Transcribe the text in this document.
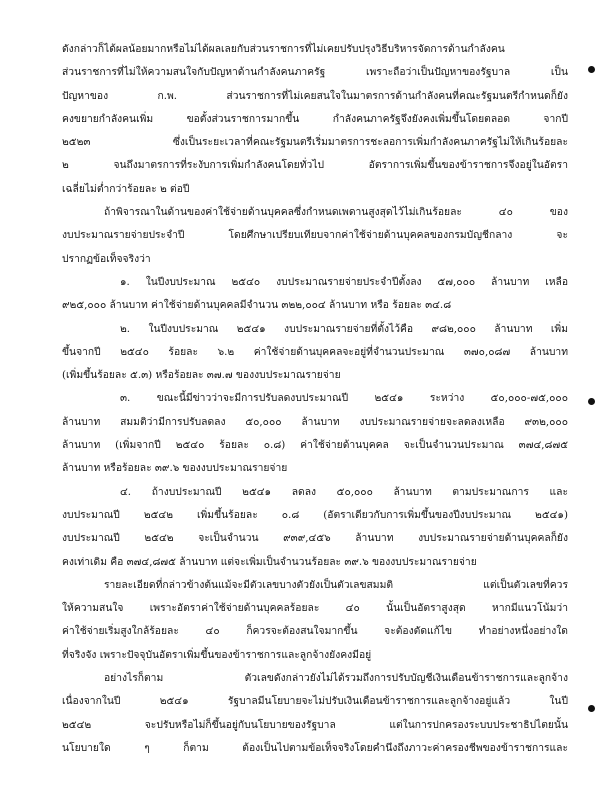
ดังกล่าวก็ได้ผลน้อยมากหรือไม่ได้ผลเลยกับส่วนราชการที่ไม่เคยปรับปรุงวิธีบริหารจัดการด้านกำลังคน
ส่วนราชการที่ไม่ให้ความสนใจกับปัญหาด้านกำลังคนภาครัฐ เพราะถือว่าเป็นปัญหาของรัฐบาล เป็น
ปัญหาของ ก.พ. ส่วนราชการที่ไม่เคยสนใจในมาตรการด้านกำลังคนที่คณะรัฐมนตรีกำหนดก็ยัง
คงขยายกำลังคนเพิ่ม ขอตั้งส่วนราชการมากขึ้น กำลังคนภาครัฐจึงยังคงเพิ่มขึ้นโดยตลอด จากปี
๒๕๒๓ ซึ่งเป็นระยะเวลาที่คณะรัฐมนตรีเริ่มมาตรการชะลอการเพิ่มกำลังคนภาครัฐไม่ให้เกินร้อยละ
๒ จนถึงมาตรการที่ระงับการเพิ่มกำลังคนโดยทั่วไป อัตราการเพิ่มขึ้นของข้าราชการจึงอยู่ในอัตรา
เฉลี่ยไม่ต่ำกว่าร้อยละ ๒ ต่อปี
ถ้าพิจารณาในด้านของค่าใช้จ่ายด้านบุคคลซึ่งกำหนดเพดานสูงสุดไว้ไม่เกินร้อยละ ๔๐ ของ
งบประมาณรายจ่ายประจำปี โดยศึกษาเปรียบเทียบจากค่าใช้จ่ายด้านบุคคลของกรมบัญชีกลาง จะ
ปรากฏข้อเท็จจริงว่า
๑. ในปีงบประมาณ ๒๕๔๐ งบประมาณรายจ่ายประจำปีตั้งลง ๕๗,๐๐๐ ล้านบาท เหลือ
๙๒๕,๐๐๐ ล้านบาท ค่าใช้จ่ายด้านบุคคลมีจำนวน ๓๒๒,๐๐๔ ล้านบาท หรือ ร้อยละ ๓๔.๘
๒. ในปีงบประมาณ ๒๕๔๑ งบประมาณรายจ่ายที่ตั้งไว้คือ ๙๘๒,๐๐๐ ล้านบาท เพิ่ม
ขึ้นจากปี ๒๕๔๐ ร้อยละ ๖.๒ ค่าใช้จ่ายด้านบุคคลจะอยู่ที่จำนวนประมาณ ๓๗๐,๐๘๗ ล้านบาท
(เพิ่มขึ้นร้อยละ ๕.๓) หรือร้อยละ ๓๗.๗ ของงบประมาณรายจ่าย
๓. ขณะนี้มีข่าวว่าจะมีการปรับลดงบประมาณปี ๒๕๔๑ ระหว่าง ๕๐,๐๐๐-๗๕,๐๐๐
ล้านบาท สมมติว่ามีการปรับลดลง ๕๐,๐๐๐ ล้านบาท งบประมาณรายจ่ายจะลดลงเหลือ ๙๓๒,๐๐๐
ล้านบาท (เพิ่มจากปี ๒๕๔๐ ร้อยละ ๐.๘) ค่าใช้จ่ายด้านบุคคล จะเป็นจำนวนประมาณ ๓๗๔,๘๗๕
ล้านบาท หรือร้อยละ ๓๙.๖ ของงบประมาณรายจ่าย
๔. ถ้างบประมาณปี ๒๕๔๑ ลดลง ๕๐,๐๐๐ ล้านบาท ตามประมาณการ และ
งบประมาณปี ๒๕๔๒ เพิ่มขึ้นร้อยละ ๐.๘ (อัตราเดียวกับการเพิ่มขึ้นของปีงบประมาณ ๒๕๔๑)
งบประมาณปี ๒๕๔๒ จะเป็นจำนวน ๙๓๙,๔๕๖ ล้านบาท งบประมาณรายจ่ายด้านบุคคลก็ยัง
คงเท่าเดิม คือ ๓๗๔,๘๗๕ ล้านบาท แต่จะเพิ่มเป็นจำนวนร้อยละ ๓๙.๖ ของงบประมาณรายจ่าย
รายละเอียดที่กล่าวข้างต้นแม้จะมีตัวเลขบางตัวยังเป็นตัวเลขสมมติ แต่เป็นตัวเลขที่ควร
ให้ความสนใจ เพราะอัตราค่าใช้จ่ายด้านบุคคลร้อยละ ๔๐ นั้นเป็นอัตราสูงสุด หากมีแนวโน้มว่า
ค่าใช้จ่ายเริ่มสูงใกล้ร้อยละ ๔๐ ก็ควรจะต้องสนใจมากขึ้น จะต้องตัดแก้ไข ทำอย่างหนึ่งอย่างใด
ที่จริงจัง เพราะปัจจุบันอัตราเพิ่มขึ้นของข้าราชการและลูกจ้างยังคงมีอยู่
อย่างไรก็ตาม ตัวเลขดังกล่าวยังไม่ได้รวมถึงการปรับบัญชีเงินเดือนข้าราชการและลูกจ้าง
เนื่องจากในปี ๒๕๔๑ รัฐบาลมีนโยบายจะไม่ปรับเงินเดือนข้าราชการและลูกจ้างอยู่แล้ว ในปี
๒๕๔๒ จะปรับหรือไม่ก็ขึ้นอยู่กับนโยบายของรัฐบาล แต่ในการปกครองระบบประชาธิปไตยนั้น
นโยบายใด ๆ ก็ตาม ต้องเป็นไปตามข้อเท็จจริงโดยคำนึงถึงภาวะค่าครองชีพของข้าราชการและ
